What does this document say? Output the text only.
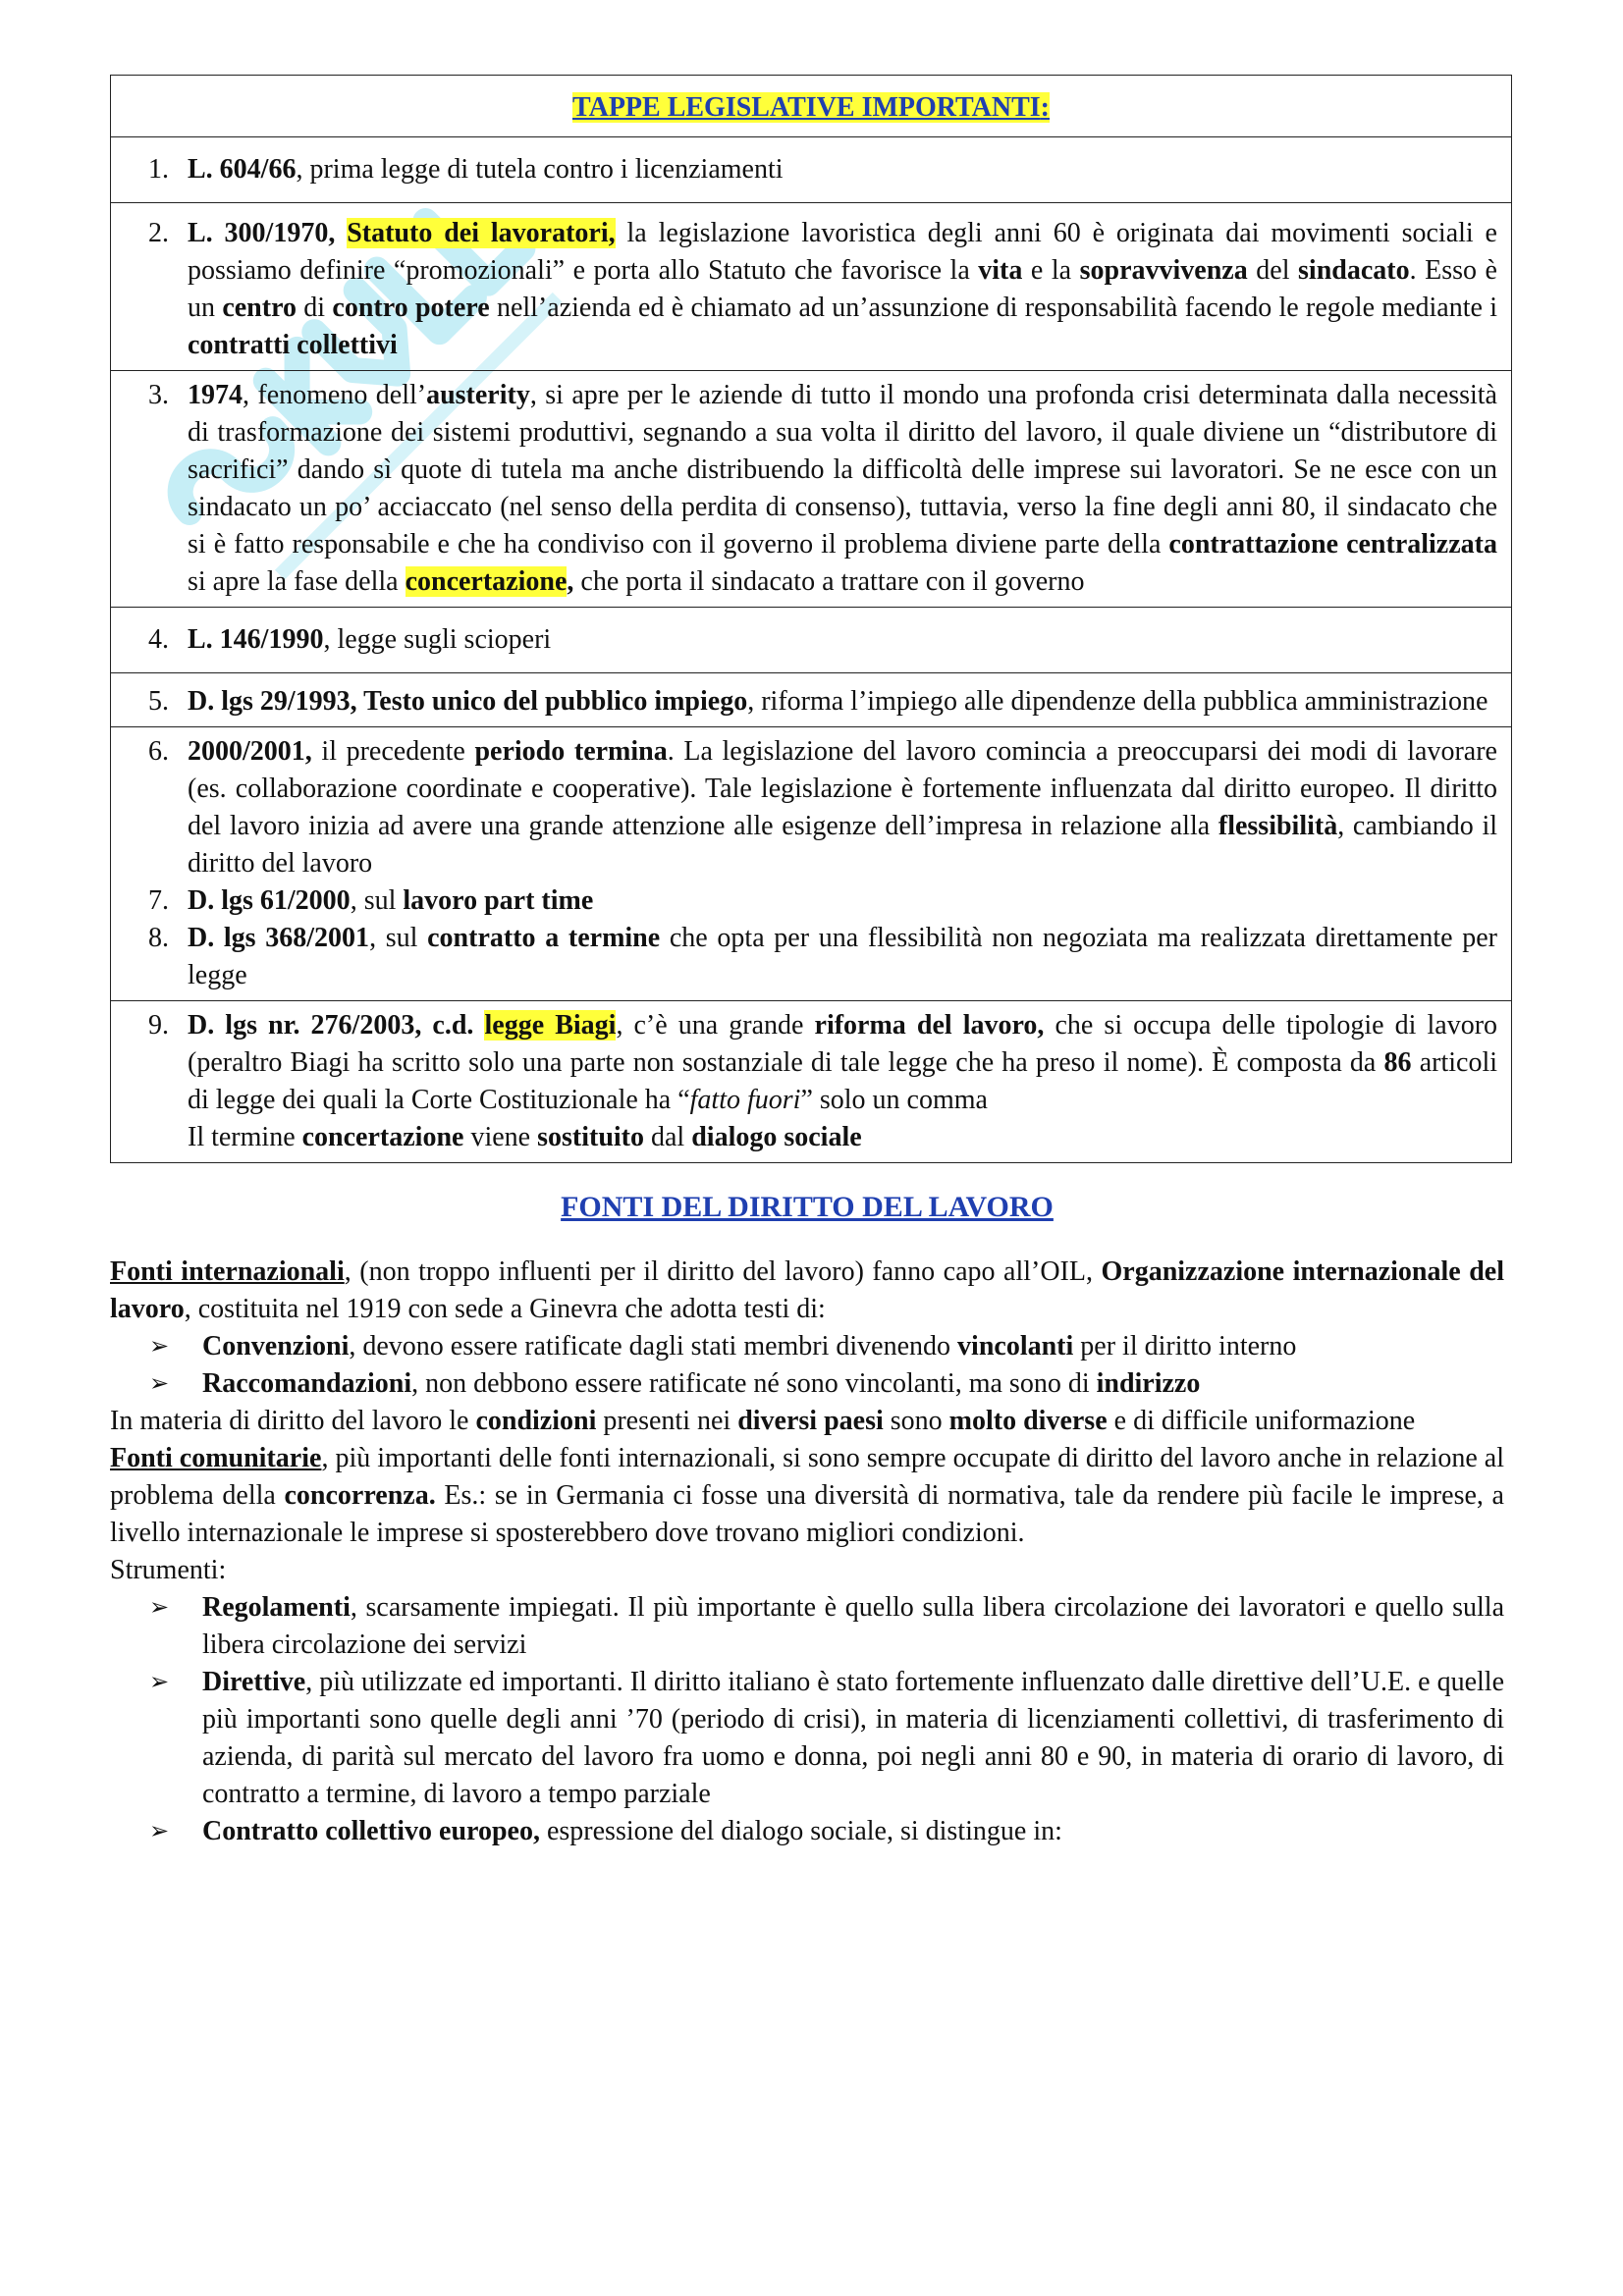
TAPPE LEGISLATIVE IMPORTANTI:

1. L. 604/66, prima legge di tutela contro i licenziamenti

2. L. 300/1970, Statuto dei lavoratori, la legislazione lavoristica degli anni 60 è originata dai movimenti sociali e possiamo definire “promozionali” e porta allo Statuto che favorisce la vita e la sopravvivenza del sindacato. Esso è un centro di contro potere nell’azienda ed è chiamato ad un’assunzione di responsabilità facendo le regole mediante i contratti collettivi

3. 1974, fenomeno dell’austerity, si apre per le aziende di tutto il mondo una profonda crisi determinata dalla necessità di trasformazione dei sistemi produttivi, segnando a sua volta il diritto del lavoro, il quale diviene un “distributore di sacrifici” dando sì quote di tutela ma anche distribuendo la difficoltà delle imprese sui lavoratori. Se ne esce con un sindacato un po’ acciaccato (nel senso della perdita di consenso), tuttavia, verso la fine degli anni 80, il sindacato che si è fatto responsabile e che ha condiviso con il governo il problema diviene parte della contrattazione centralizzata si apre la fase della concertazione, che porta il sindacato a trattare con il governo

4. L. 146/1990, legge sugli scioperi

5. D. lgs 29/1993, Testo unico del pubblico impiego, riforma l’impiego alle dipendenze della pubblica amministrazione

6. 2000/2001, il precedente periodo termina. La legislazione del lavoro comincia a preoccuparsi dei modi di lavorare (es. collaborazione coordinate e cooperative). Tale legislazione è fortemente influenzata dal diritto europeo. Il diritto del lavoro inizia ad avere una grande attenzione alle esigenze dell’impresa in relazione alla flessibilità, cambiando il diritto del lavoro
7. D. lgs 61/2000, sul lavoro part time
8. D. lgs 368/2001, sul contratto a termine che opta per una flessibilità non negoziata ma realizzata direttamente per legge

9. D. lgs nr. 276/2003, c.d. legge Biagi, c’è una grande riforma del lavoro, che si occupa delle tipologie di lavoro (peraltro Biagi ha scritto solo una parte non sostanziale di tale legge che ha preso il nome). È composta da 86 articoli di legge dei quali la Corte Costituzionale ha “fatto fuori” solo un comma
Il termine concertazione viene sostituito dal dialogo sociale
FONTI DEL DIRITTO DEL LAVORO

Fonti internazionali, (non troppo influenti per il diritto del lavoro) fanno capo all’OIL, Organizzazione internazionale del lavoro, costituita nel 1919 con sede a Ginevra che adotta testi di:

➢	Convenzioni, devono essere ratificate dagli stati membri divenendo vincolanti per il diritto interno
➢	Raccomandazioni, non debbono essere ratificate né sono vincolanti, ma sono di indirizzo

In materia di diritto del lavoro le condizioni presenti nei diversi paesi sono molto diverse e di difficile uniformazione

Fonti comunitarie, più importanti delle fonti internazionali, si sono sempre occupate di diritto del lavoro anche in relazione al problema della concorrenza. Es.: se in Germania ci fosse una diversità di normativa, tale da rendere più facile le imprese, a livello internazionale le imprese si sposterebbero dove trovano migliori condizioni.

Strumenti:

➢	Regolamenti, scarsamente impiegati. Il più importante è quello sulla libera circolazione dei lavoratori e quello sulla libera circolazione dei servizi
➢	Direttive, più utilizzate ed importanti. Il diritto italiano è stato fortemente influenzato dalle direttive dell’U.E. e quelle più importanti sono quelle degli anni ’70 (periodo di crisi), in materia di licenziamenti collettivi, di trasferimento di azienda, di parità sul mercato del lavoro fra uomo e donna, poi negli anni 80 e 90, in materia di orario di lavoro, di contratto a termine, di lavoro a tempo parziale
➢	Contratto collettivo europeo, espressione del dialogo sociale, si distingue in:
